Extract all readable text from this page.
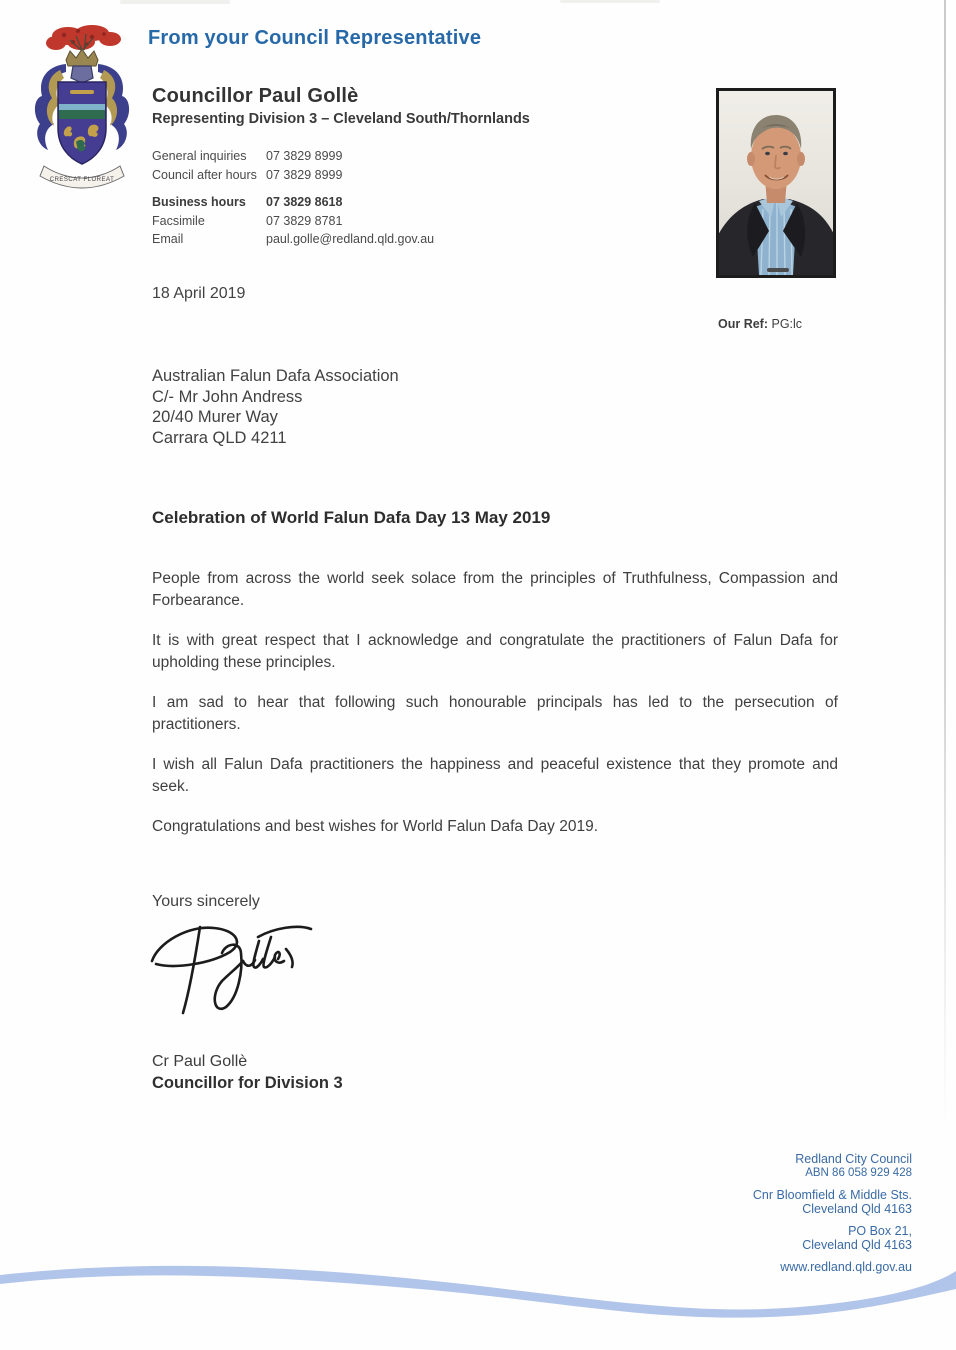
CRESCAT FLOREAT
From your Council Representative
Councillor Paul Gollè
Representing Division 3 – Cleveland South/Thornlands
General inquiries	07 3829 8999
Council after hours 07 3829 8999
Business hours	07 3829 8618
Facsimile	07 3829 8781
Email	paul.golle@redland.qld.gov.au
Our Ref: PG:lc
18 April 2019
Australian Falun Dafa Association
C/- Mr John Andress
20/40 Murer Way
Carrara QLD 4211
Celebration of World Falun Dafa Day 13 May 2019

People from across the world seek solace from the principles of Truthfulness, Compassion and Forbearance.

It is with great respect that I acknowledge and congratulate the practitioners of Falun Dafa for upholding these principles.

I am sad to hear that following such honourable principals has led to the persecution of practitioners.

I wish all Falun Dafa practitioners the happiness and peaceful existence that they promote and seek.

Congratulations and best wishes for World Falun Dafa Day 2019.

Yours sincerely
Cr Paul Gollè
Councillor for Division 3
Redland City Council
ABN 86 058 929 428
Cnr Bloomfield & Middle Sts.
Cleveland Qld 4163
PO Box 21,
Cleveland Qld 4163
www.redland.qld.gov.au
